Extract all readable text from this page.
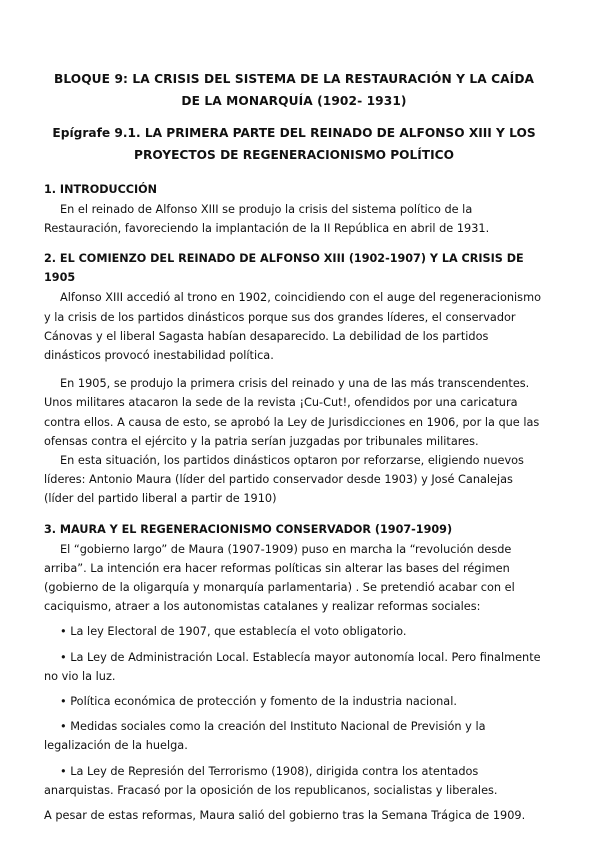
BLOQUE 9: LA CRISIS DEL SISTEMA DE LA RESTAURACIÓN Y LA CAÍDA DE LA MONARQUÍA (1902- 1931)
Epígrafe 9.1. LA PRIMERA PARTE DEL REINADO DE ALFONSO XIII Y LOS PROYECTOS DE REGENERACIONISMO POLÍTICO
1. INTRODUCCIÓN

En el reinado de Alfonso XIII se produjo la crisis del sistema político de la Restauración, favoreciendo la implantación de la II República en abril de 1931.

2. EL COMIENZO DEL REINADO DE ALFONSO XIII (1902-1907) Y LA CRISIS DE 1905

Alfonso XIII accedió al trono en 1902, coincidiendo con el auge del regeneracionismo y la crisis de los partidos dinásticos porque sus dos grandes líderes, el conservador Cánovas y el liberal Sagasta habían desaparecido. La debilidad de los partidos dinásticos provocó inestabilidad política.

En 1905, se produjo la primera crisis del reinado y una de las más transcendentes. Unos militares atacaron la sede de la revista ¡Cu-Cut!, ofendidos por una caricatura contra ellos. A causa de esto, se aprobó la Ley de Jurisdicciones en 1906, por la que las ofensas contra el ejército y la patria serían juzgadas por tribunales militares.

En esta situación, los partidos dinásticos optaron por reforzarse, eligiendo nuevos líderes: Antonio Maura (líder del partido conservador desde 1903) y José Canalejas (líder del partido liberal a partir de 1910)

3. MAURA Y EL REGENERACIONISMO CONSERVADOR (1907-1909)

El “gobierno largo” de Maura (1907-1909) puso en marcha la “revolución desde arriba”. La intención era hacer reformas políticas sin alterar las bases del régimen (gobierno de la oligarquía y monarquía parlamentaria) . Se pretendió acabar con el caciquismo, atraer a los autonomistas catalanes y realizar reformas sociales:

• La ley Electoral de 1907, que establecía el voto obligatorio.

• La Ley de Administración Local. Establecía mayor autonomía local. Pero finalmente no vio la luz.

• Política económica de protección y fomento de la industria nacional.

• Medidas sociales como la creación del Instituto Nacional de Previsión y la legalización de la huelga.

• La Ley de Represión del Terrorismo (1908), dirigida contra los atentados anarquistas. Fracasó por la oposición de los republicanos, socialistas y liberales.

A pesar de estas reformas, Maura salió del gobierno tras la Semana Trágica de 1909.
